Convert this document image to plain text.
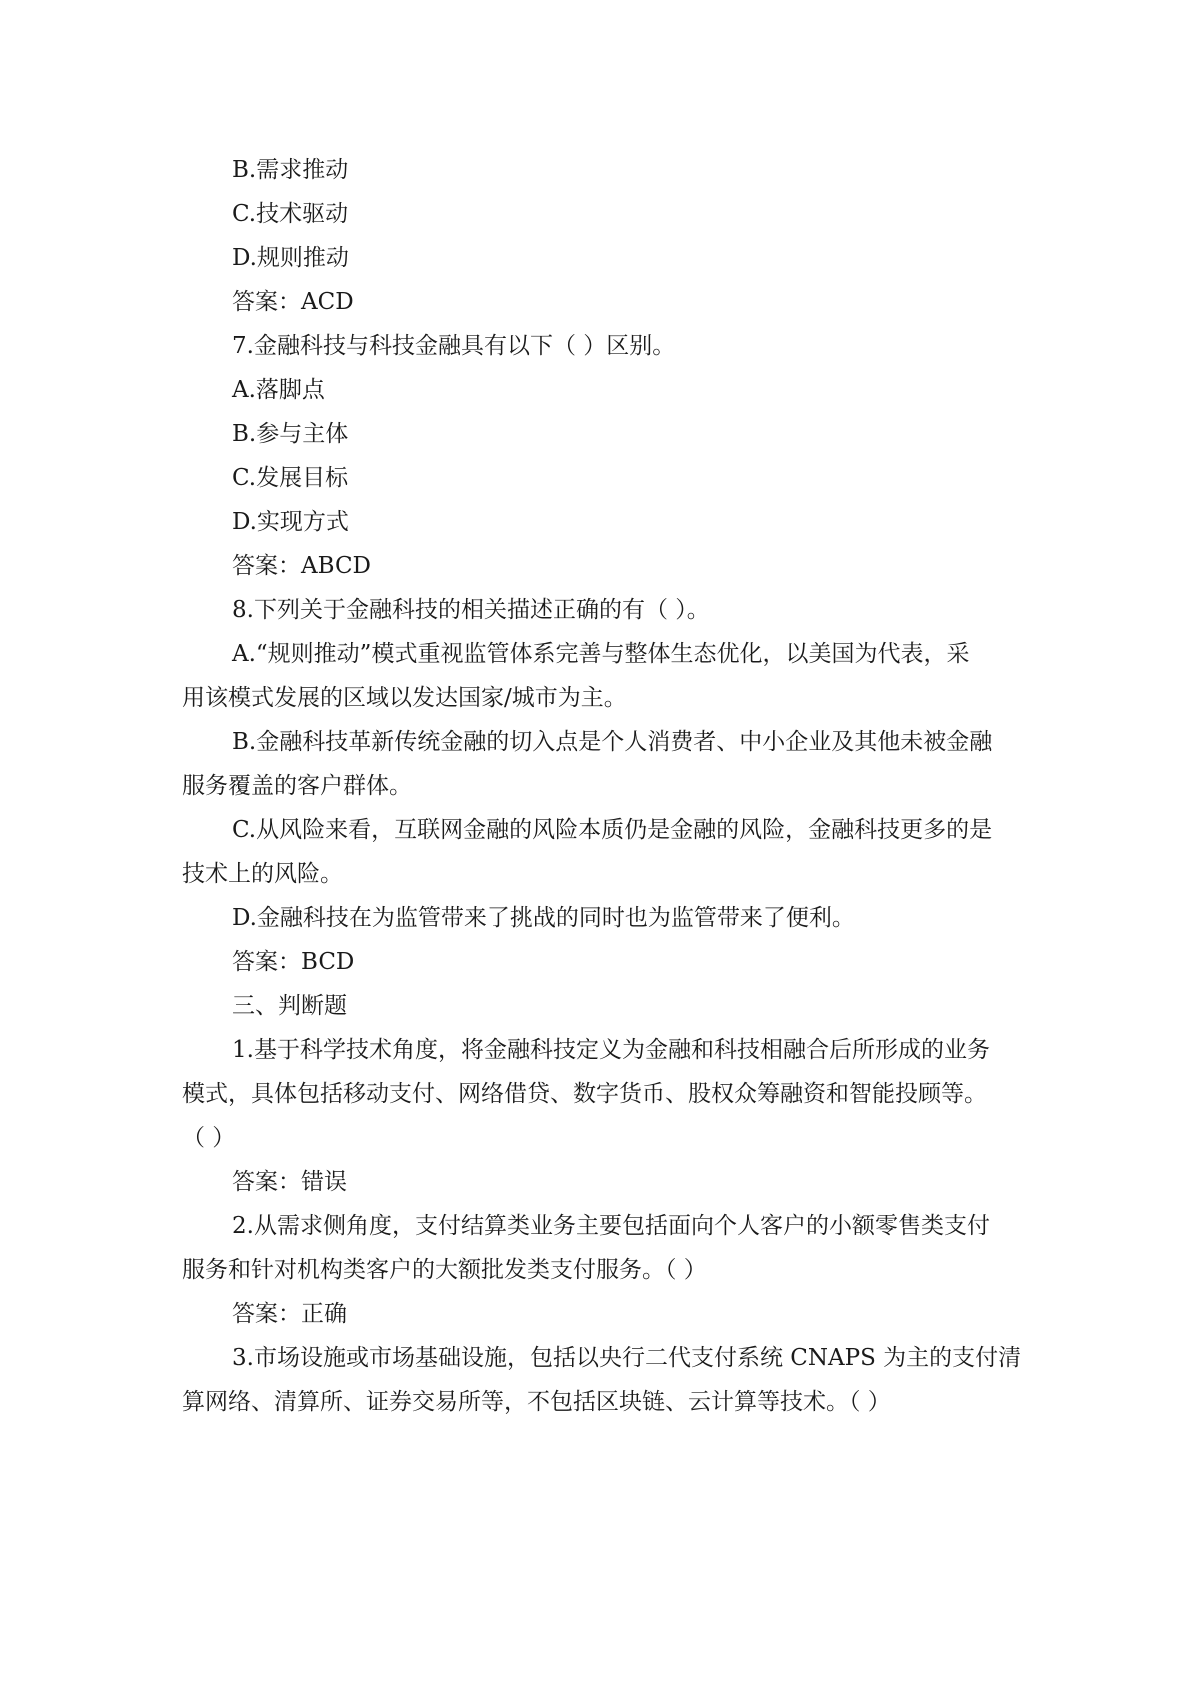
B.需求推动
C.技术驱动
D.规则推动
答案：ACD
7.金融科技与科技金融具有以下（ ）区别。
A.落脚点
B.参与主体
C.发展目标
D.实现方式
答案：ABCD
8.下列关于金融科技的相关描述正确的有（ ）。
A.“规则推动”模式重视监管体系完善与整体生态优化，以美国为代表，采
用该模式发展的区域以发达国家/城市为主。
B.金融科技革新传统金融的切入点是个人消费者、中小企业及其他未被金融
服务覆盖的客户群体。
C.从风险来看，互联网金融的风险本质仍是金融的风险，金融科技更多的是
技术上的风险。
D.金融科技在为监管带来了挑战的同时也为监管带来了便利。
答案：BCD
三、判断题
1.基于科学技术角度，将金融科技定义为金融和科技相融合后所形成的业务
模式，具体包括移动支付、网络借贷、数字货币、股权众筹融资和智能投顾等。
（ ）
答案：错误
2.从需求侧角度，支付结算类业务主要包括面向个人客户的小额零售类支付
服务和针对机构类客户的大额批发类支付服务。（ ）
答案：正确
3.市场设施或市场基础设施，包括以央行二代支付系统 CNAPS 为主的支付清
算网络、清算所、证券交易所等，不包括区块链、云计算等技术。（ ）
